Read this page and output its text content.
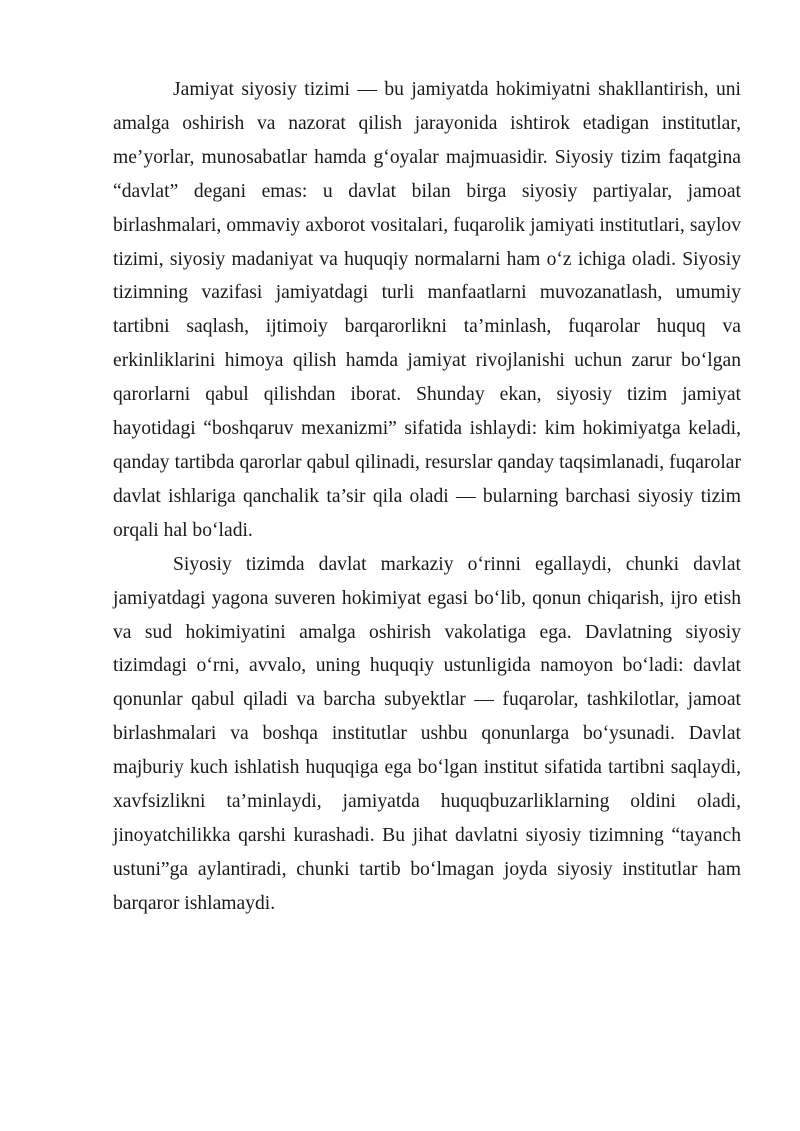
Jamiyat siyosiy tizimi — bu jamiyatda hokimiyatni shakllantirish, uni amalga oshirish va nazorat qilish jarayonida ishtirok etadigan institutlar, me’yorlar, munosabatlar hamda g‘oyalar majmuasidir. Siyosiy tizim faqatgina “davlat” degani emas: u davlat bilan birga siyosiy partiyalar, jamoat birlashmalari, ommaviy axborot vositalari, fuqarolik jamiyati institutlari, saylov tizimi, siyosiy madaniyat va huquqiy normalarni ham o‘z ichiga oladi. Siyosiy tizimning vazifasi jamiyatdagi turli manfaatlarni muvozanatlash, umumiy tartibni saqlash, ijtimoiy barqarorlikni ta’minlash, fuqarolar huquq va erkinliklarini himoya qilish hamda jamiyat rivojlanishi uchun zarur bo‘lgan qarorlarni qabul qilishdan iborat. Shunday ekan, siyosiy tizim jamiyat hayotidagi “boshqaruv mexanizmi” sifatida ishlaydi: kim hokimiyatga keladi, qanday tartibda qarorlar qabul qilinadi, resurslar qanday taqsimlanadi, fuqarolar davlat ishlariga qanchalik ta’sir qila oladi — bularning barchasi siyosiy tizim orqali hal bo‘ladi.

Siyosiy tizimda davlat markaziy o‘rinni egallaydi, chunki davlat jamiyatdagi yagona suveren hokimiyat egasi bo‘lib, qonun chiqarish, ijro etish va sud hokimiyatini amalga oshirish vakolatiga ega. Davlatning siyosiy tizimdagi o‘rni, avvalo, uning huquqiy ustunligida namoyon bo‘ladi: davlat qonunlar qabul qiladi va barcha subyektlar — fuqarolar, tashkilotlar, jamoat birlashmalari va boshqa institutlar ushbu qonunlarga bo‘ysunadi. Davlat majburiy kuch ishlatish huquqiga ega bo‘lgan institut sifatida tartibni saqlaydi, xavfsizlikni ta’minlaydi, jamiyatda huquqbuzarliklarning oldini oladi, jinoyatchilikka qarshi kurashadi. Bu jihat davlatni siyosiy tizimning “tayanch ustuni”ga aylantiradi, chunki tartib bo‘lmagan joyda siyosiy institutlar ham barqaror ishlamaydi.
